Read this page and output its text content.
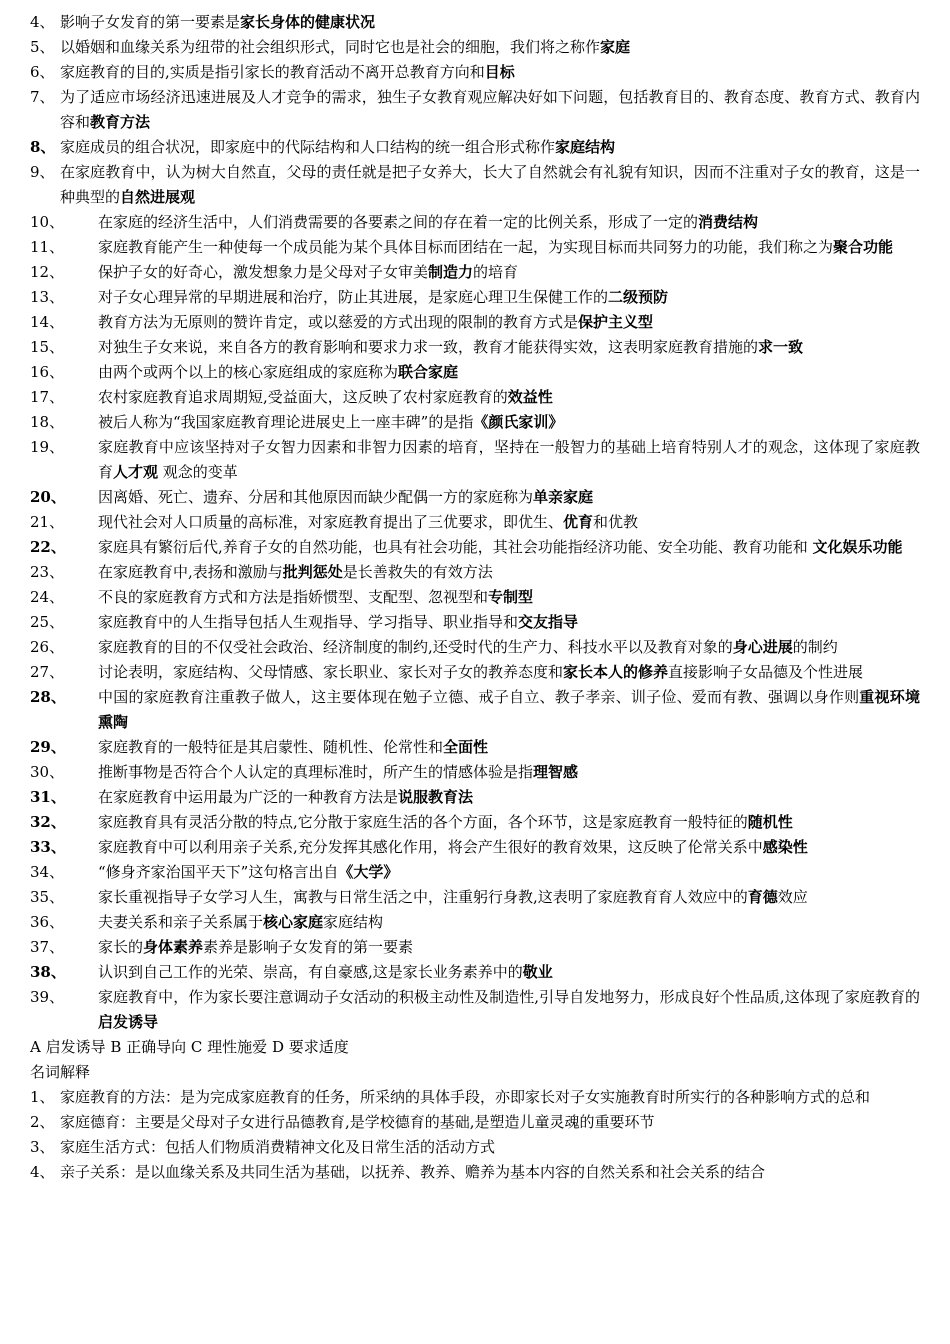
4、 影响子女发育的第一要素是家长身体的健康状况
5、 以婚姻和血缘关系为纽带的社会组织形式，同时它也是社会的细胞，我们将之称作家庭
6、 家庭教育的目的,实质是指引家长的教育活动不离开总教育方向和目标
7、 为了适应市场经济迅速进展及人才竞争的需求，独生子女教育观应解决好如下问题，包括教育目的、教育态度、教育方式、教育内容和教育方法
8、 家庭成员的组合状况，即家庭中的代际结构和人口结构的统一组合形式称作家庭结构
9、 在家庭教育中，认为树大自然直，父母的责任就是把子女养大，长大了自然就会有礼貌有知识，因而不注重对子女的教育，这是一种典型的自然进展观
10、	在家庭的经济生活中，人们消费需要的各要素之间的存在着一定的比例关系，形成了一定的消费结构
11、	家庭教育能产生一种使每一个成员能为某个具体目标而团结在一起，为实现目标而共同努力的功能，我们称之为聚合功能
12、	保护子女的好奇心，激发想象力是父母对子女审美制造力的培育
13、	对子女心理异常的早期进展和治疗，防止其进展，是家庭心理卫生保健工作的二级预防
14、	教育方法为无原则的赞许肯定，或以慈爱的方式出现的限制的教育方式是保护主义型
15、	对独生子女来说，来自各方的教育影响和要求力求一致，教育才能获得实效，这表明家庭教育措施的求一致
16、	由两个或两个以上的核心家庭组成的家庭称为联合家庭
17、	农村家庭教育追求周期短,受益面大，这反映了农村家庭教育的效益性
18、	被后人称为“我国家庭教育理论进展史上一座丰碑”的是指《颜氏家训》
19、	家庭教育中应该坚持对子女智力因素和非智力因素的培育，坚持在一般智力的基础上培育特别人才的观念，这体现了家庭教育人才观 观念的变革
20、	因离婚、死亡、遗弃、分居和其他原因而缺少配偶一方的家庭称为单亲家庭
21、	现代社会对人口质量的高标准，对家庭教育提出了三优要求，即优生、优育和优教
22、	家庭具有繁衍后代,养育子女的自然功能，也具有社会功能，其社会功能指经济功能、安全功能、教育功能和 文化娱乐功能
23、	在家庭教育中,表扬和激励与批判惩处是长善救失的有效方法
24、	不良的家庭教育方式和方法是指娇惯型、支配型、忽视型和专制型
25、	家庭教育中的人生指导包括人生观指导、学习指导、职业指导和交友指导
26、	家庭教育的目的不仅受社会政治、经济制度的制约,还受时代的生产力、科技水平以及教育对象的身心进展的制约
27、	讨论表明，家庭结构、父母情感、家长职业、家长对子女的教养态度和家长本人的修养直接影响子女品德及个性进展
28、	中国的家庭教育注重教子做人，这主要体现在勉子立德、戒子自立、教子孝亲、训子俭、爱而有教、强调以身作则重视环境熏陶
29、	家庭教育的一般特征是其启蒙性、随机性、伦常性和全面性
30、	推断事物是否符合个人认定的真理标准时，所产生的情感体验是指理智感
31、	在家庭教育中运用最为广泛的一种教育方法是说服教育法
32、	家庭教育具有灵活分散的特点,它分散于家庭生活的各个方面，各个环节，这是家庭教育一般特征的随机性
33、	家庭教育中可以利用亲子关系,充分发挥其感化作用，将会产生很好的教育效果，这反映了伦常关系中感染性
34、	“修身齐家治国平天下”这句格言出自《大学》
35、	家长重视指导子女学习人生，寓教与日常生活之中，注重躬行身教,这表明了家庭教育育人效应中的育德效应
36、	夫妻关系和亲子关系属于核心家庭家庭结构
37、	家长的身体素养素养是影响子女发育的第一要素
38、	认识到自己工作的光荣、崇高，有自豪感,这是家长业务素养中的敬业
39、	家庭教育中，作为家长要注意调动子女活动的积极主动性及制造性,引导自发地努力，形成良好个性品质,这体现了家庭教育的启发诱导
A 启发诱导 B 正确导向 C 理性施爱 D 要求适度
名词解释
1、 家庭教育的方法：是为完成家庭教育的任务，所采纳的具体手段，亦即家长对子女实施教育时所实行的各种影响方式的总和
2、 家庭德育：主要是父母对子女进行品德教育,是学校德育的基础,是塑造儿童灵魂的重要环节
3、 家庭生活方式：包括人们物质消费精神文化及日常生活的活动方式
4、 亲子关系：是以血缘关系及共同生活为基础，以抚养、教养、赡养为基本内容的自然关系和社会关系的结合
